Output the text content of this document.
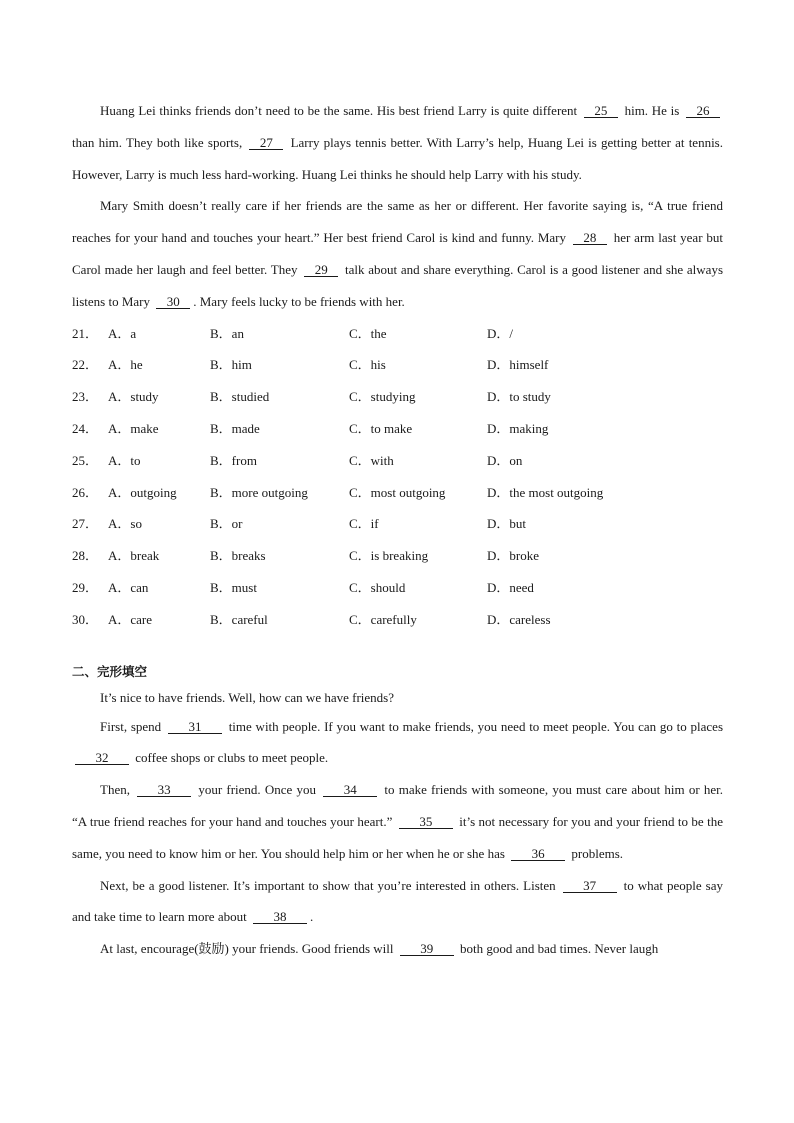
Huang Lei thinks friends don’t need to be the same. His best friend Larry is quite different 25 him. He is 26 than him. They both like sports, 27 Larry plays tennis better. With Larry’s help, Huang Lei is getting better at tennis. However, Larry is much less hard-working. Huang Lei thinks he should help Larry with his study.

Mary Smith doesn’t really care if her friends are the same as her or different. Her favorite saying is, “A true friend reaches for your hand and touches your heart.” Her best friend Carol is kind and funny. Mary 28 her arm last year but Carol made her laugh and feel better. They 29 talk about and share everything. Carol is a good listener and she always listens to Mary 30 . Mary feels lucky to be friends with her.

21． A．a	B．an	C．the	D．/
22． A．he	B．him	C．his	D．himself
23． A．study	B．studied	C．studying	D．to study
24． A．make	B．made	C．to make	D．making
25． A．to	B．from	C．with	D．on
26． A．outgoing	B．more outgoing	C．most outgoing	D．the most outgoing
27． A．so	B．or	C．if	D．but
28． A．break	B．breaks	C．is breaking	D．broke
29． A．can	B．must	C．should	D．need
30． A．care	B．careful	C．carefully	D．careless
二、完形填空

It’s nice to have friends. Well, how can we have friends?

First, spend 31 time with people. If you want to make friends, you need to meet people. You can go to places 32 coffee shops or clubs to meet people.

Then, 33 your friend. Once you 34 to make friends with someone, you must care about him or her. “A true friend reaches for your hand and touches your heart.” 35 it’s not necessary for you and your friend to be the same, you need to know him or her. You should help him or her when he or she has 36 problems.

Next, be a good listener. It’s important to show that you’re interested in others. Listen 37 to what people say and take time to learn more about 38 .

At last, encourage(鼓励) your friends. Good friends will 39 both good and bad times. Never laugh
